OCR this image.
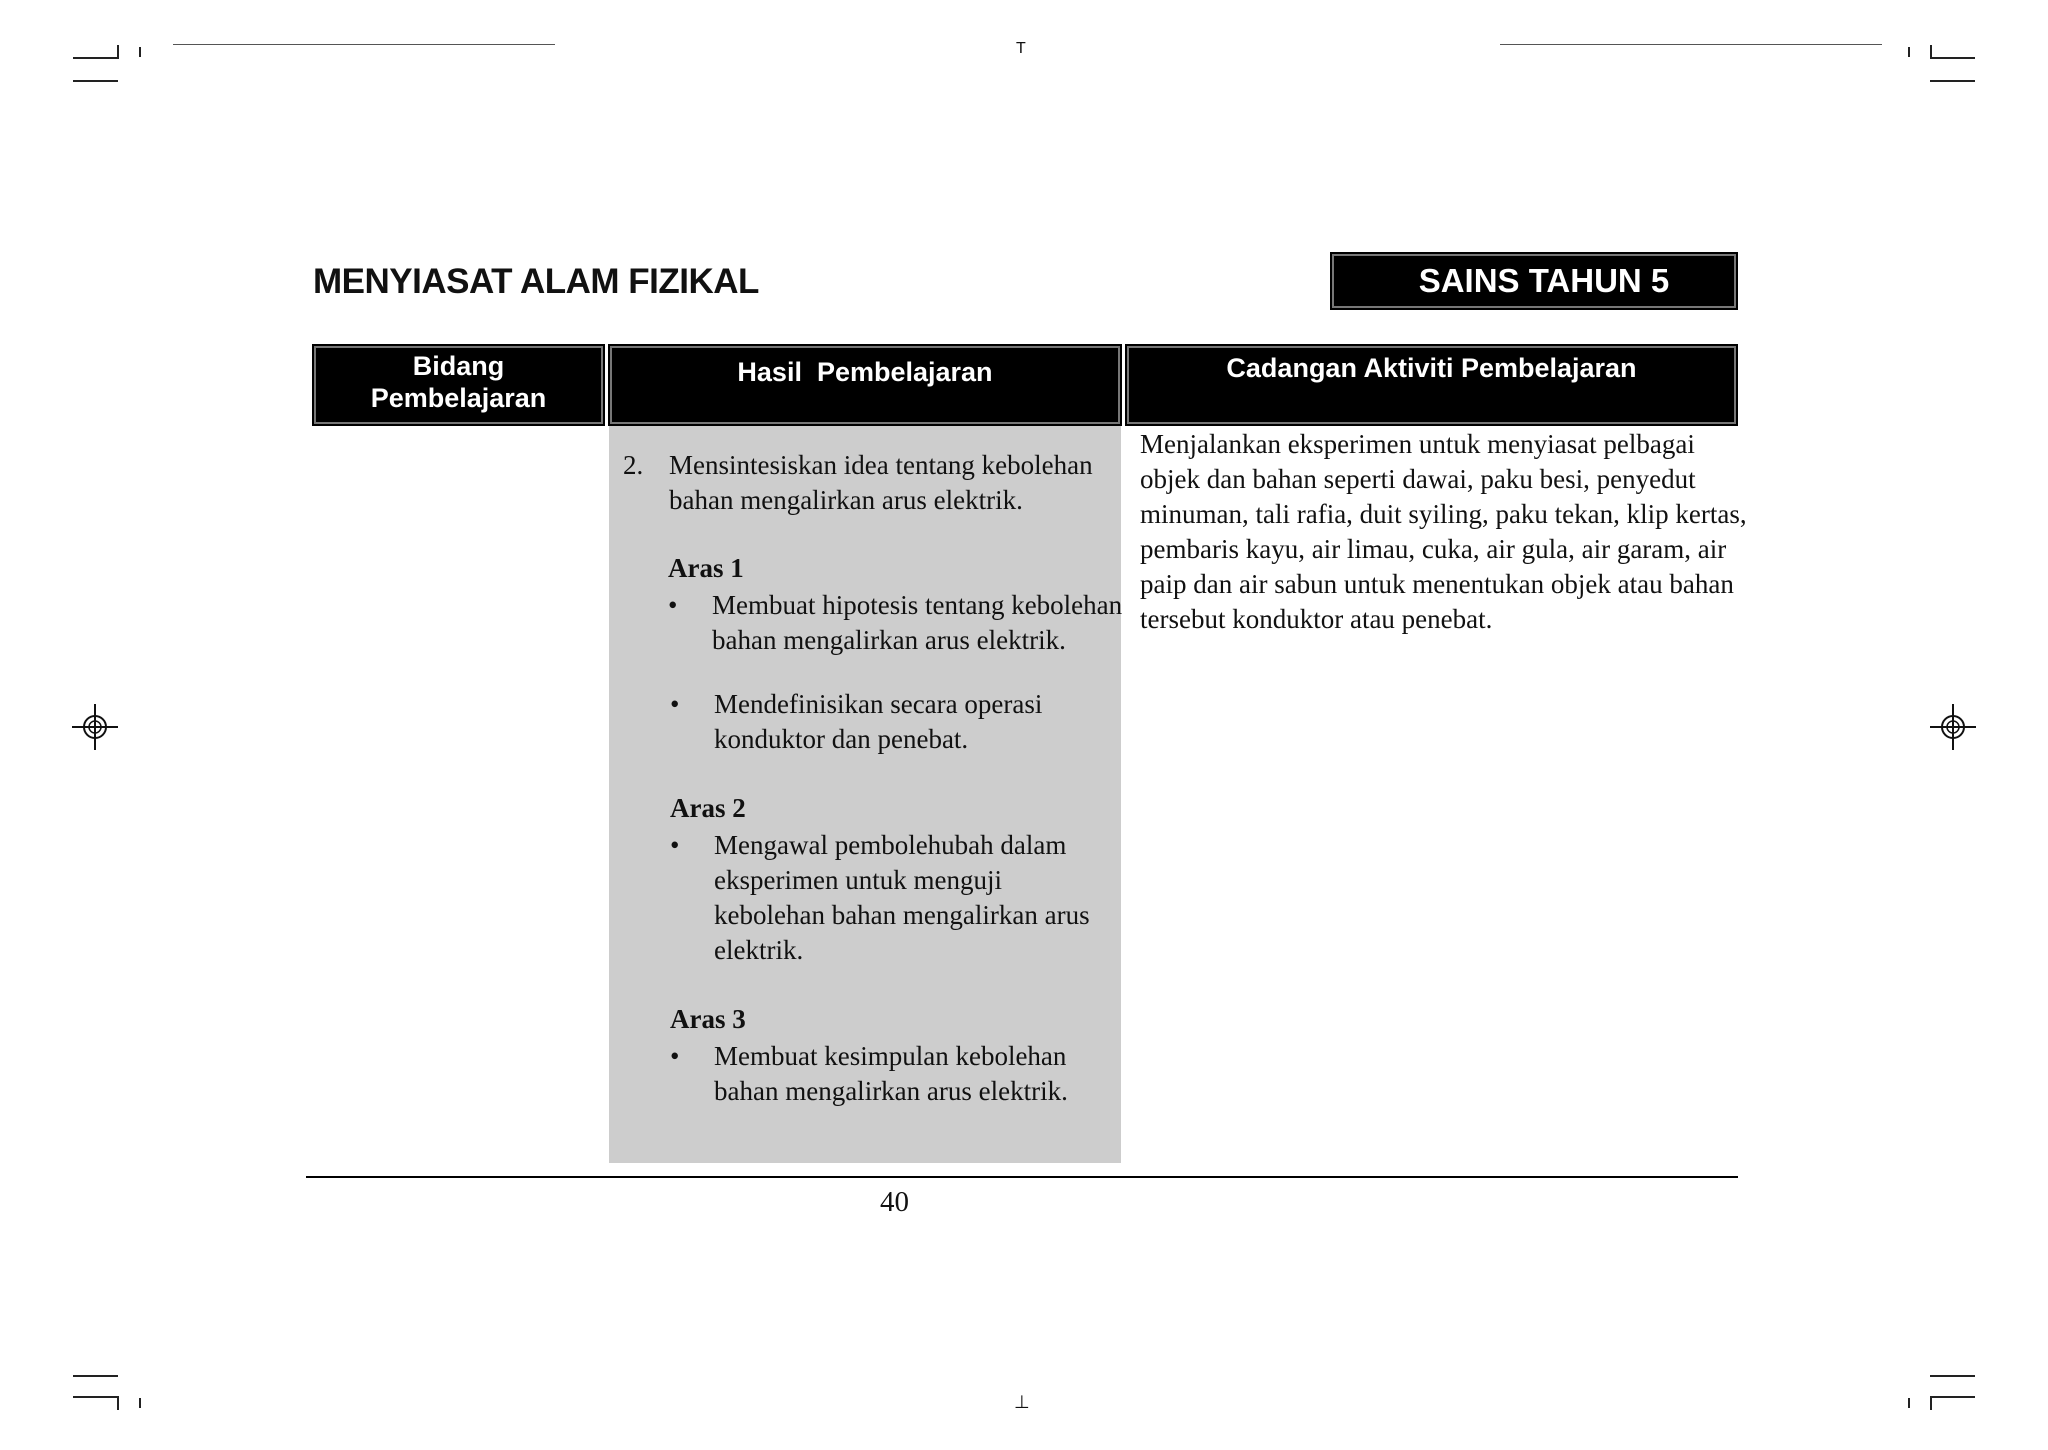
T
⊥
MENYIASAT ALAM FIZIKAL	SAINS TAHUN 5
Bidang
Pembelajaran
Hasil  Pembelajaran	Cadangan Aktiviti Pembelajaran
2. Mensintesiskan idea tentang kebolehan bahan mengalirkan arus elektrik.
Aras 1
• Membuat hipotesis tentang kebolehan  bahan mengalirkan arus elektrik.
• Mendefinisikan secara operasi konduktor dan penebat.
Aras 2
• Mengawal pembolehubah dalam eksperimen untuk menguji kebolehan bahan mengalirkan arus elektrik.
Aras 3
• Membuat kesimpulan kebolehan bahan mengalirkan arus elektrik.
Menjalankan eksperimen untuk menyiasat pelbagai objek dan bahan seperti dawai, paku besi, penyedut minuman, tali rafia, duit syiling, paku tekan, klip kertas, pembaris kayu, air limau, cuka, air gula, air garam, air paip dan air sabun untuk menentukan objek atau bahan tersebut konduktor atau penebat.
40
